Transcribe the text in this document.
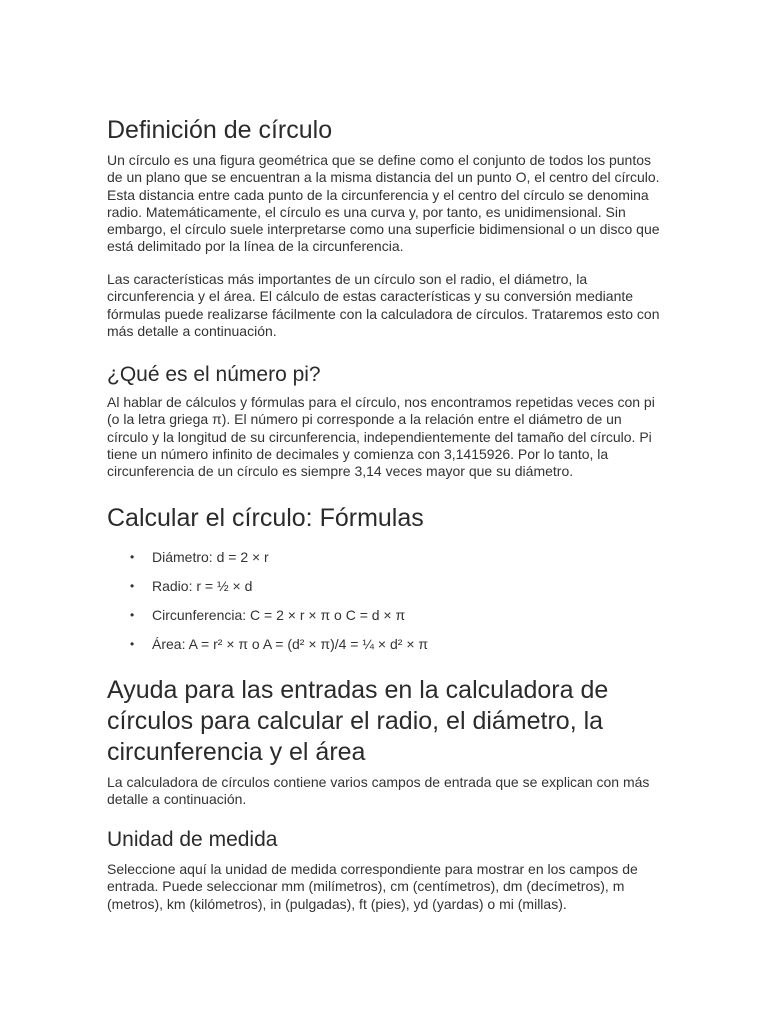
Definición de círculo

Un círculo es una figura geométrica que se define como el conjunto de todos los puntos de un plano que se encuentran a la misma distancia del un punto O, el centro del círculo. Esta distancia entre cada punto de la circunferencia y el centro del círculo se denomina radio. Matemáticamente, el círculo es una curva y, por tanto, es unidimensional. Sin embargo, el círculo suele interpretarse como una superficie bidimensional o un disco que está delimitado por la línea de la circunferencia.

Las características más importantes de un círculo son el radio, el diámetro, la circunferencia y el área. El cálculo de estas características y su conversión mediante fórmulas puede realizarse fácilmente con la calculadora de círculos. Trataremos esto con más detalle a continuación.

¿Qué es el número pi?

Al hablar de cálculos y fórmulas para el círculo, nos encontramos repetidas veces con pi (o la letra griega π). El número pi corresponde a la relación entre el diámetro de un círculo y la longitud de su circunferencia, independientemente del tamaño del círculo. Pi tiene un número infinito de decimales y comienza con 3,1415926. Por lo tanto, la circunferencia de un círculo es siempre 3,14 veces mayor que su diámetro.

Calcular el círculo: Fórmulas
• Diámetro: d = 2 × r
• Radio: r = ½ × d
• Circunferencia: C = 2 × r × π o C = d × π
• Área: A = r² × π o A = (d² × π)/4 = ¼ × d² × π
Ayuda para las entradas en la calculadora de círculos para calcular el radio, el diámetro, la circunferencia y el área

La calculadora de círculos contiene varios campos de entrada que se explican con más detalle a continuación.

Unidad de medida

Seleccione aquí la unidad de medida correspondiente para mostrar en los campos de entrada. Puede seleccionar mm (milímetros), cm (centímetros), dm (decímetros), m (metros), km (kilómetros), in (pulgadas), ft (pies), yd (yardas) o mi (millas).
